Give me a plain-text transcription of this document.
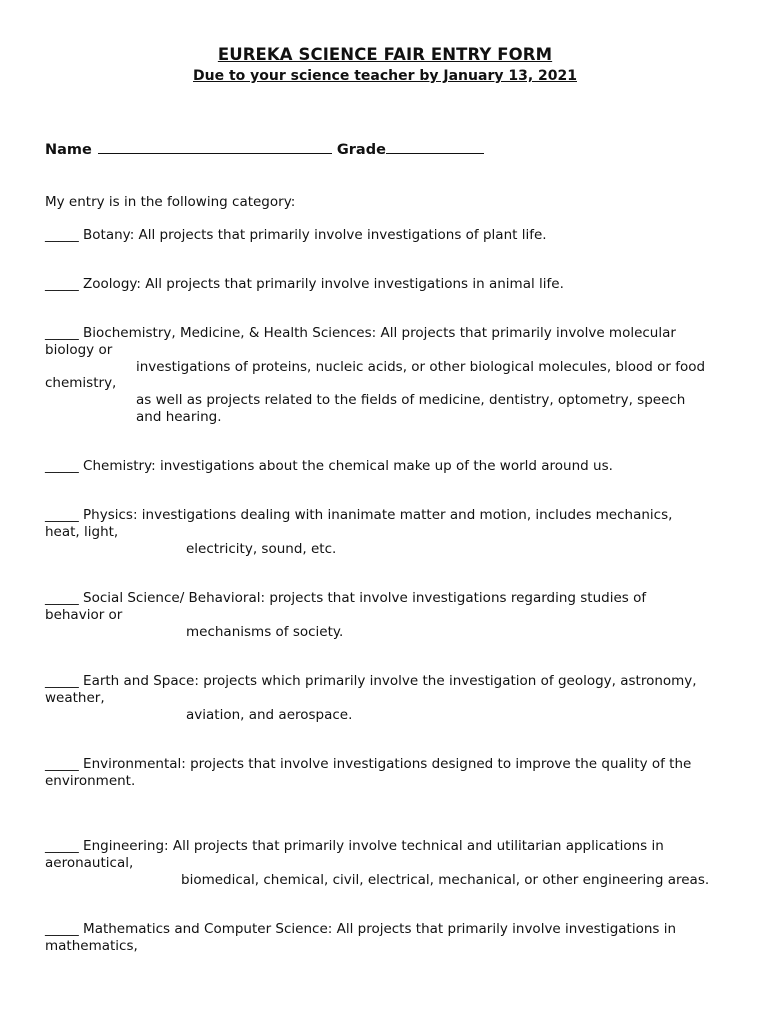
EUREKA SCIENCE FAIR ENTRY FORM
Due to your science teacher by January 13, 2021
Name	Grade
My entry is in the following category:
_____ Botany: All projects that primarily involve investigations of plant life.
_____ Zoology: All projects that primarily involve investigations in animal life.
_____ Biochemistry, Medicine, & Health Sciences: All projects that primarily involve molecular
biology or
investigations of proteins, nucleic acids, or other biological molecules, blood or food
chemistry,
as well as projects related to the fields of medicine, dentistry, optometry, speech
and hearing.
_____ Chemistry: investigations about the chemical make up of the world around us.
_____ Physics: investigations dealing with inanimate matter and motion, includes mechanics,
heat, light,
electricity, sound, etc.
_____ Social Science/ Behavioral: projects that involve investigations regarding studies of
behavior or
mechanisms of society.
_____ Earth and Space: projects which primarily involve the investigation of geology, astronomy,
weather,
aviation, and aerospace.
_____ Environmental: projects that involve investigations designed to improve the quality of the
environment.
_____ Engineering: All projects that primarily involve technical and utilitarian applications in
aeronautical,
biomedical, chemical, civil, electrical, mechanical, or other engineering areas.
_____ Mathematics and Computer Science: All projects that primarily involve investigations in
mathematics,
